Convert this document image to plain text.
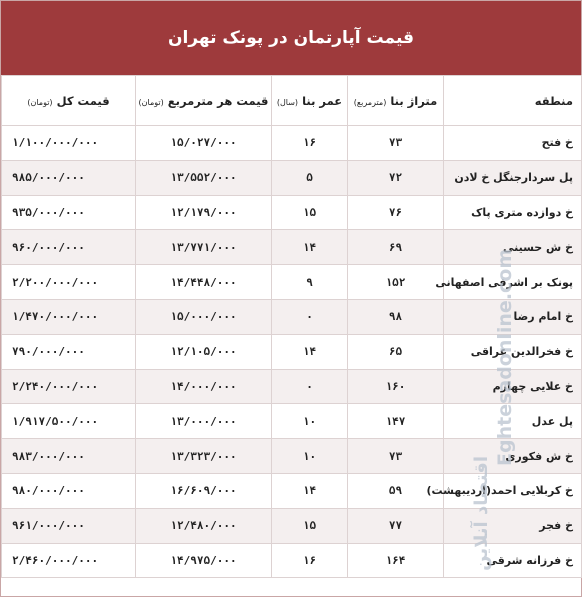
قیمت آپارتمان در پونک تهران
منطقه	متراژ بنا (مترمربع)	عمر بنا (سال)	قیمت هر مترمربع (تومان)	قیمت کل (تومان)
خ فتح	۷۳	۱۶	۱۵/۰۲۷/۰۰۰	۱/۱۰۰/۰۰۰/۰۰۰
پل سردارجنگل خ لادن	۷۲	۵	۱۳/۵۵۲/۰۰۰	۹۸۵/۰۰۰/۰۰۰
خ دوازده متری پاک	۷۶	۱۵	۱۲/۱۷۹/۰۰۰	۹۳۵/۰۰۰/۰۰۰
خ ش حسینی	۶۹	۱۴	۱۳/۷۷۱/۰۰۰	۹۶۰/۰۰۰/۰۰۰
پونک بر اشرفی اصفهانی	۱۵۲	۹	۱۴/۴۴۸/۰۰۰	۲/۲۰۰/۰۰۰/۰۰۰
خ امام رضا	۹۸	۰	۱۵/۰۰۰/۰۰۰	۱/۴۷۰/۰۰۰/۰۰۰
خ فخرالدین عراقی	۶۵	۱۴	۱۲/۱۰۵/۰۰۰	۷۹۰/۰۰۰/۰۰۰
خ علایی چهارم	۱۶۰	۰	۱۴/۰۰۰/۰۰۰	۲/۲۴۰/۰۰۰/۰۰۰
پل عدل	۱۴۷	۱۰	۱۳/۰۰۰/۰۰۰	۱/۹۱۷/۵۰۰/۰۰۰
خ ش فکوری	۷۳	۱۰	۱۳/۳۲۳/۰۰۰	۹۸۳/۰۰۰/۰۰۰
خ کربلایی احمد(اردیبهشت)	۵۹	۱۴	۱۶/۶۰۹/۰۰۰	۹۸۰/۰۰۰/۰۰۰
خ فجر	۷۷	۱۵	۱۲/۴۸۰/۰۰۰	۹۶۱/۰۰۰/۰۰۰
خ فرزانه شرقی	۱۶۴	۱۶	۱۴/۹۷۵/۰۰۰	۲/۴۶۰/۰۰۰/۰۰۰
Eghtesadonline.com
اقتصاد آنلاین
